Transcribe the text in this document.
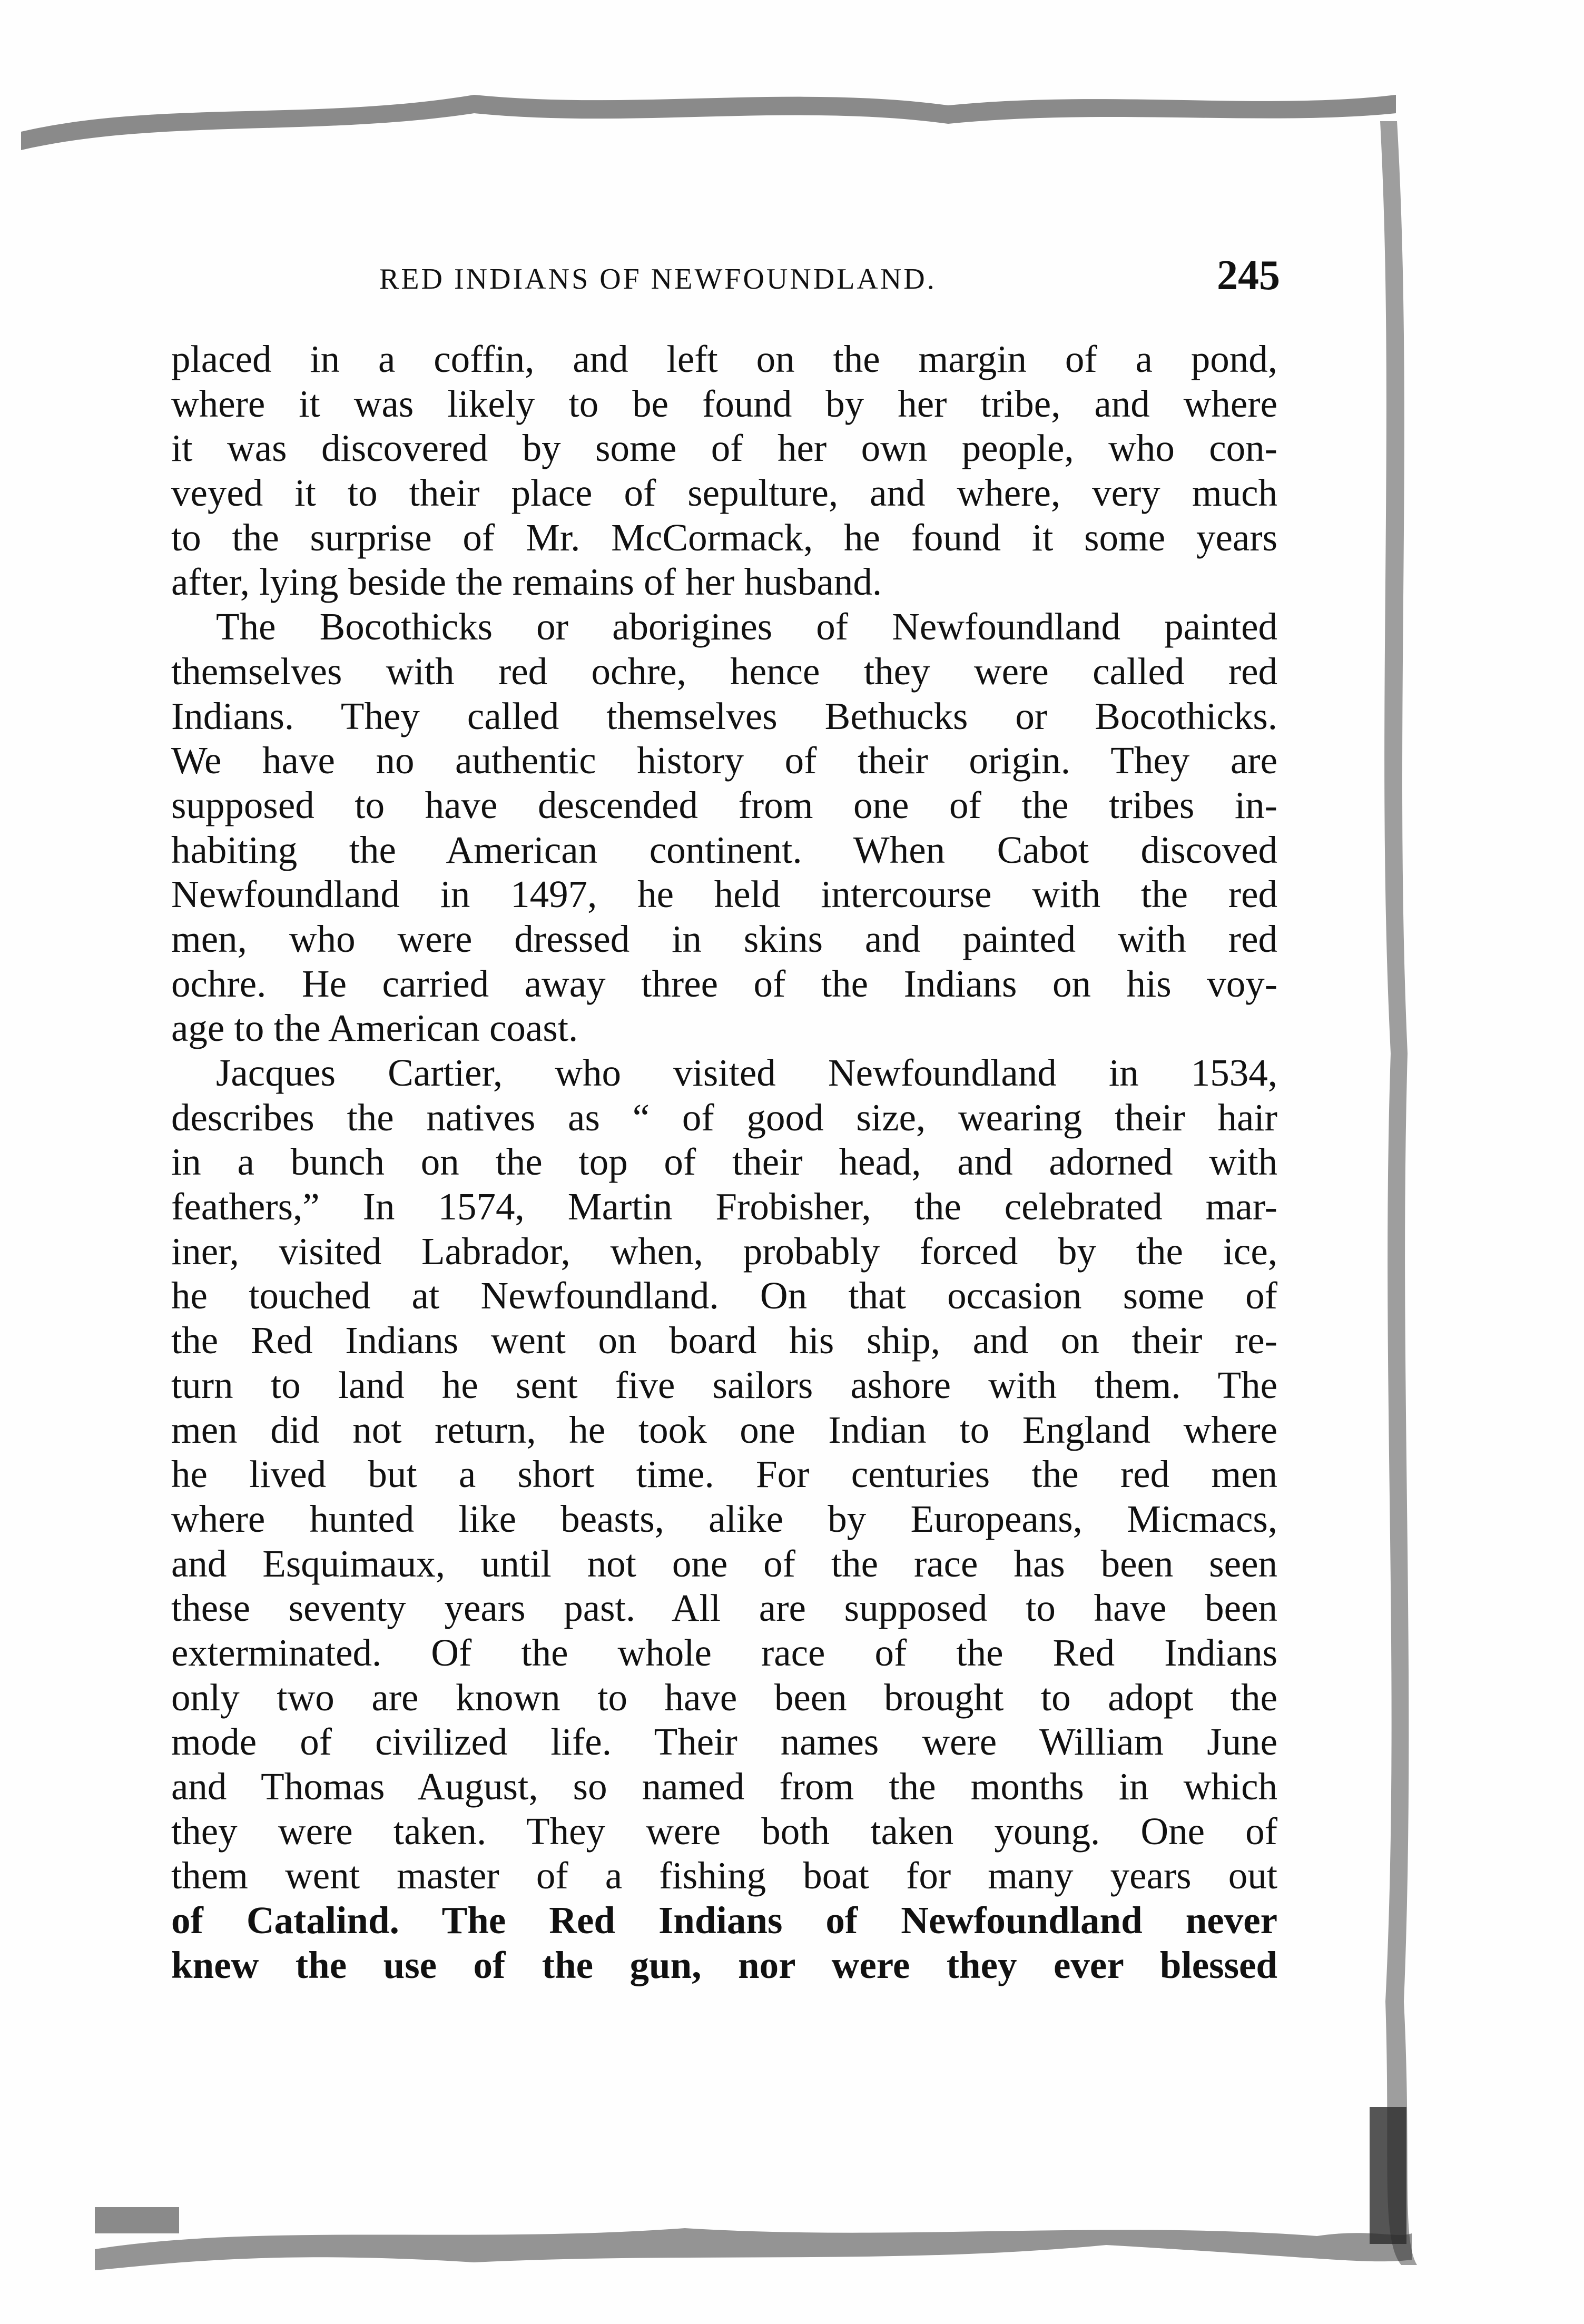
RED INDIANS OF NEWFOUNDLAND.	245
placed in a coffin, and left on the margin of a pond,
where it was likely to be found by her tribe, and where
it was discovered by some of her own people, who con-
veyed it to their place of sepulture, and where, very much
to the surprise of Mr. McCormack, he found it some years
after, lying beside the remains of her husband.
The Bocothicks or aborigines of Newfoundland painted
themselves with red ochre, hence they were called red
Indians. They called themselves Bethucks or Bocothicks.
We have no authentic history of their origin. They are
supposed to have descended from one of the tribes in-
habiting the American continent. When Cabot discoved
Newfoundland in 1497, he held intercourse with the red
men, who were dressed in skins and painted with red
ochre. He carried away three of the Indians on his voy-
age to the American coast.
Jacques Cartier, who visited Newfoundland in 1534,
describes the natives as “ of good size, wearing their hair
in a bunch on the top of their head, and adorned with
feathers,” In 1574, Martin Frobisher, the celebrated mar-
iner, visited Labrador, when, probably forced by the ice,
he touched at Newfoundland. On that occasion some of
the Red Indians went on board his ship, and on their re-
turn to land he sent five sailors ashore with them. The
men did not return, he took one Indian to England where
he lived but a short time. For centuries the red men
where hunted like beasts, alike by Europeans, Micmacs,
and Esquimaux, until not one of the race has been seen
these seventy years past. All are supposed to have been
exterminated. Of the whole race of the Red Indians
only two are known to have been brought to adopt the
mode of civilized life. Their names were William June
and Thomas August, so named from the months in which
they were taken. They were both taken young. One of
them went master of a fishing boat for many years out
of Catalind. The Red Indians of Newfoundland never
knew the use of the gun, nor were they ever blessed
